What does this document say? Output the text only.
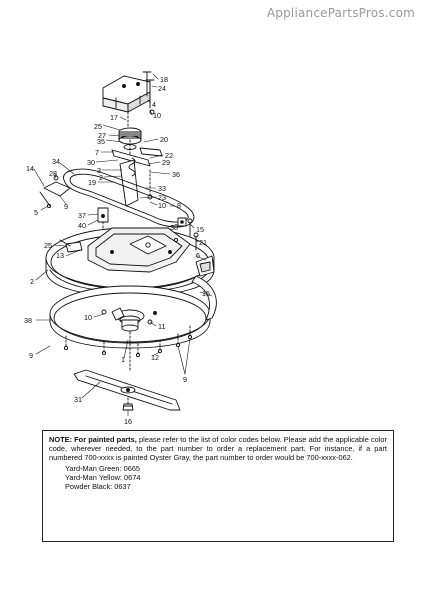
AppliancePartsPros.com
18
24
4
10
17
25
27
35	20
7	22
30	29
36
3
2
19
34
14
28
33
23
10 8
5
9
37
40	38	15
21
25
13	6
2
15
38	10
11
9	1	12
9
31
16

NOTE: For painted parts, please refer to the list of color codes below. Please add the applicable color code, wherever needed, to the part number to order a replacement part. For instance, if a part numbered 700-xxxx is painted Oyster Gray, the part number to order would be 700-xxxx-062.

Yard-Man Green: 0665
Yard-Man Yellow: 0674
Powder Black: 0637
